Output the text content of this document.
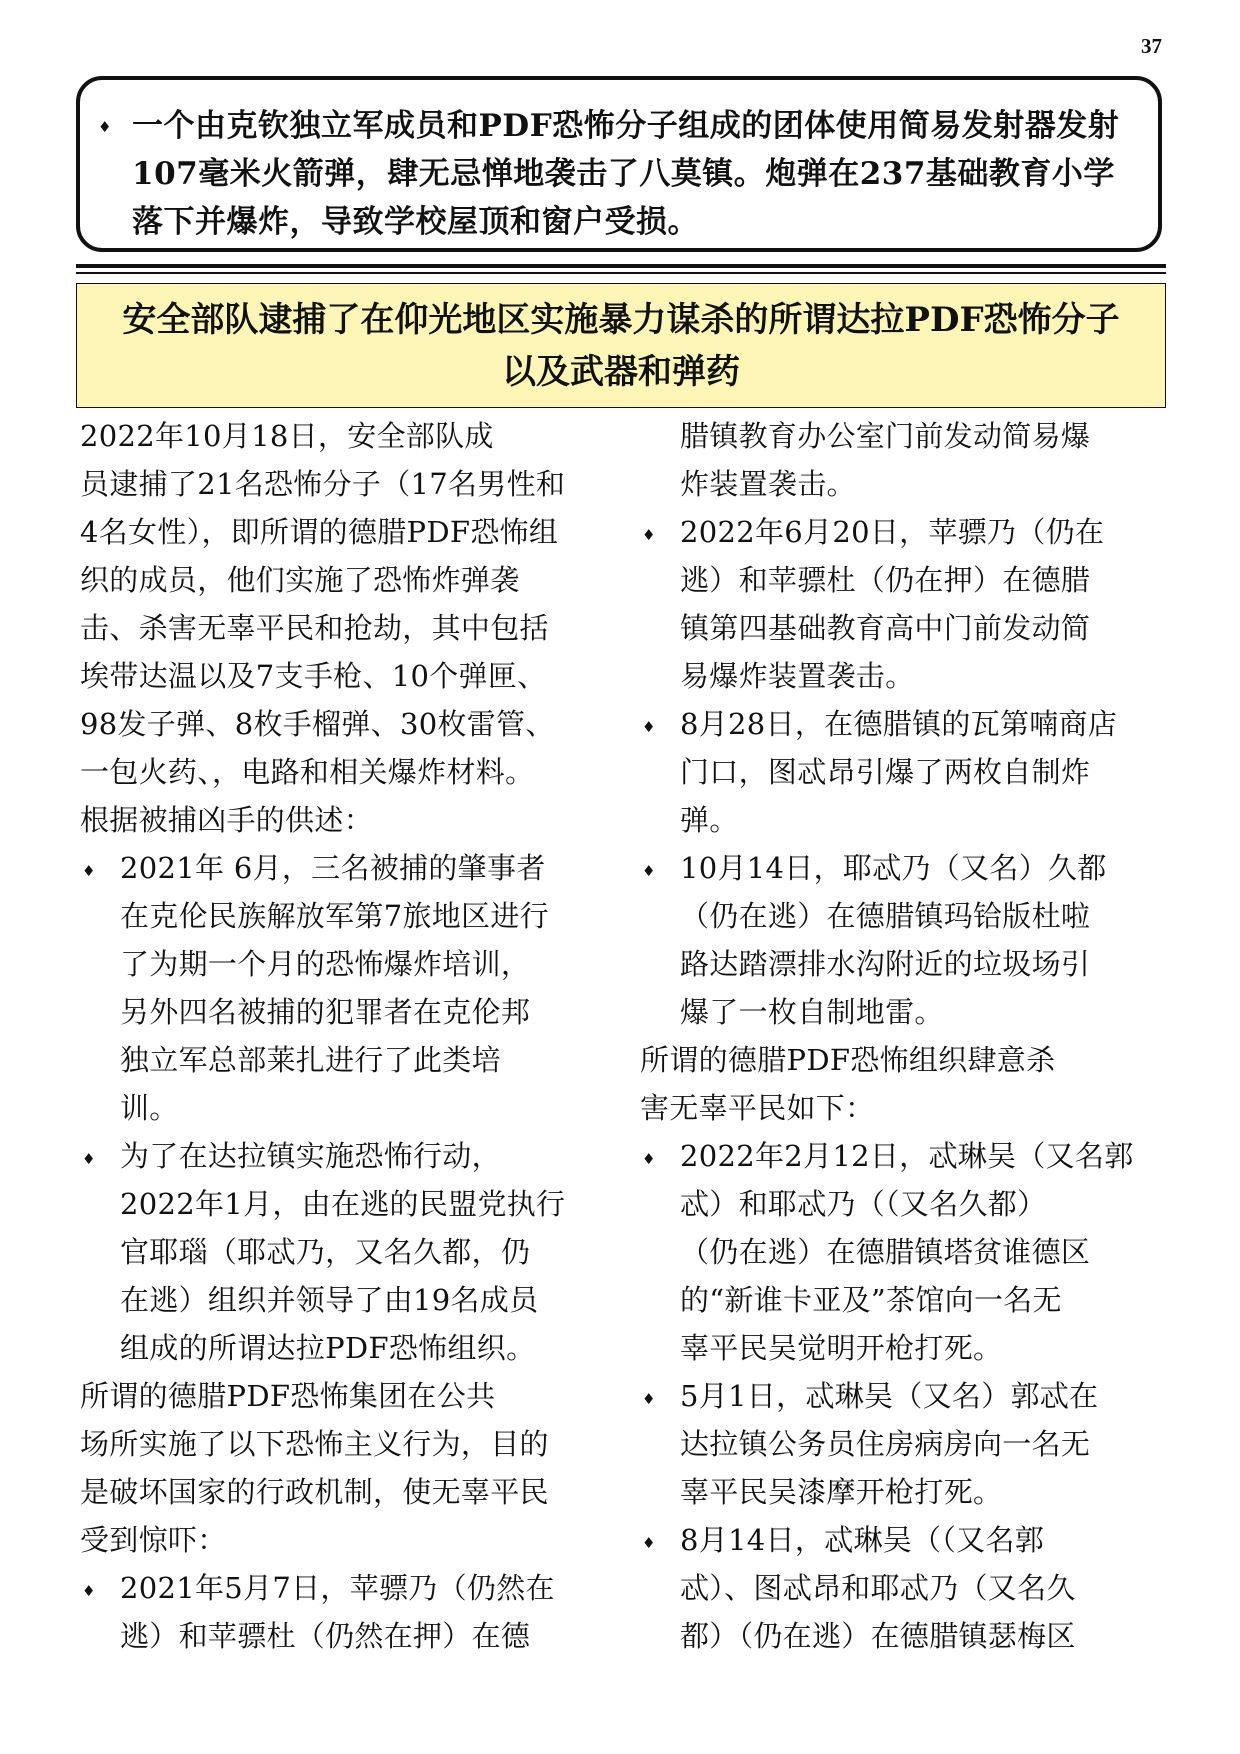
37
♦ 一个由克钦独立军成员和PDF恐怖分子组成的团体使用简易发射器发射
107毫米火箭弹，肆无忌惮地袭击了八莫镇。炮弹在237基础教育小学
落下并爆炸，导致学校屋顶和窗户受损。

安全部队逮捕了在仰光地区实施暴力谋杀的所谓达拉PDF恐怖分子
以及武器和弹药

2022年10月18日，安全部队成
员逮捕了21名恐怖分子（17名男性和
4名女性），即所谓的德腊PDF恐怖组
织的成员，他们实施了恐怖炸弹袭
击、杀害无辜平民和抢劫，其中包括
埃带达温以及7支手枪、10个弹匣、
98发子弹、8枚手榴弹、30枚雷管、
一包火药、，电路和相关爆炸材料。

根据被捕凶手的供述：

♦ 2021年 6月，三名被捕的肇事者
在克伦民族解放军第7旅地区进行
了为期一个月的恐怖爆炸培训，
另外四名被捕的犯罪者在克伦邦
独立军总部莱扎进行了此类培
训。

♦ 为了在达拉镇实施恐怖行动，
2022年1月，由在逃的民盟党执行
官耶瑙（耶忒乃，又名久都，仍
在逃）组织并领导了由19名成员
组成的所谓达拉PDF恐怖组织。

所谓的德腊PDF恐怖集团在公共
场所实施了以下恐怖主义行为，目的
是破坏国家的行政机制，使无辜平民
受到惊吓：

♦ 2021年5月7日，苹骠乃（仍然在
逃）和苹骠杜（仍然在押）在德

腊镇教育办公室门前发动简易爆
炸装置袭击。

♦ 2022年6月20日，苹骠乃（仍在
逃）和苹骠杜（仍在押）在德腊
镇第四基础教育高中门前发动简
易爆炸装置袭击。

♦ 8月28日，在德腊镇的瓦第喃商店
门口，图忒昂引爆了两枚自制炸
弹。

♦ 10月14日，耶忒乃（又名）久都
（仍在逃）在德腊镇玛铪版杜啦
路达踏漂排水沟附近的垃圾场引
爆了一枚自制地雷。

所谓的德腊PDF恐怖组织肆意杀
害无辜平民如下：

♦ 2022年2月12日，忒琳吴（又名郭
忒）和耶忒乃（（又名久都）
（仍在逃）在德腊镇塔贫谁德区
的“新谁卡亚及”茶馆向一名无
辜平民吴觉明开枪打死。

♦ 5月1日，忒琳吴（又名）郭忒在
达拉镇公务员住房病房向一名无
辜平民吴漆摩开枪打死。

♦ 8月14日，忒琳吴（（又名郭
忒）、图忒昂和耶忒乃（又名久
都）（仍在逃）在德腊镇瑟梅区
